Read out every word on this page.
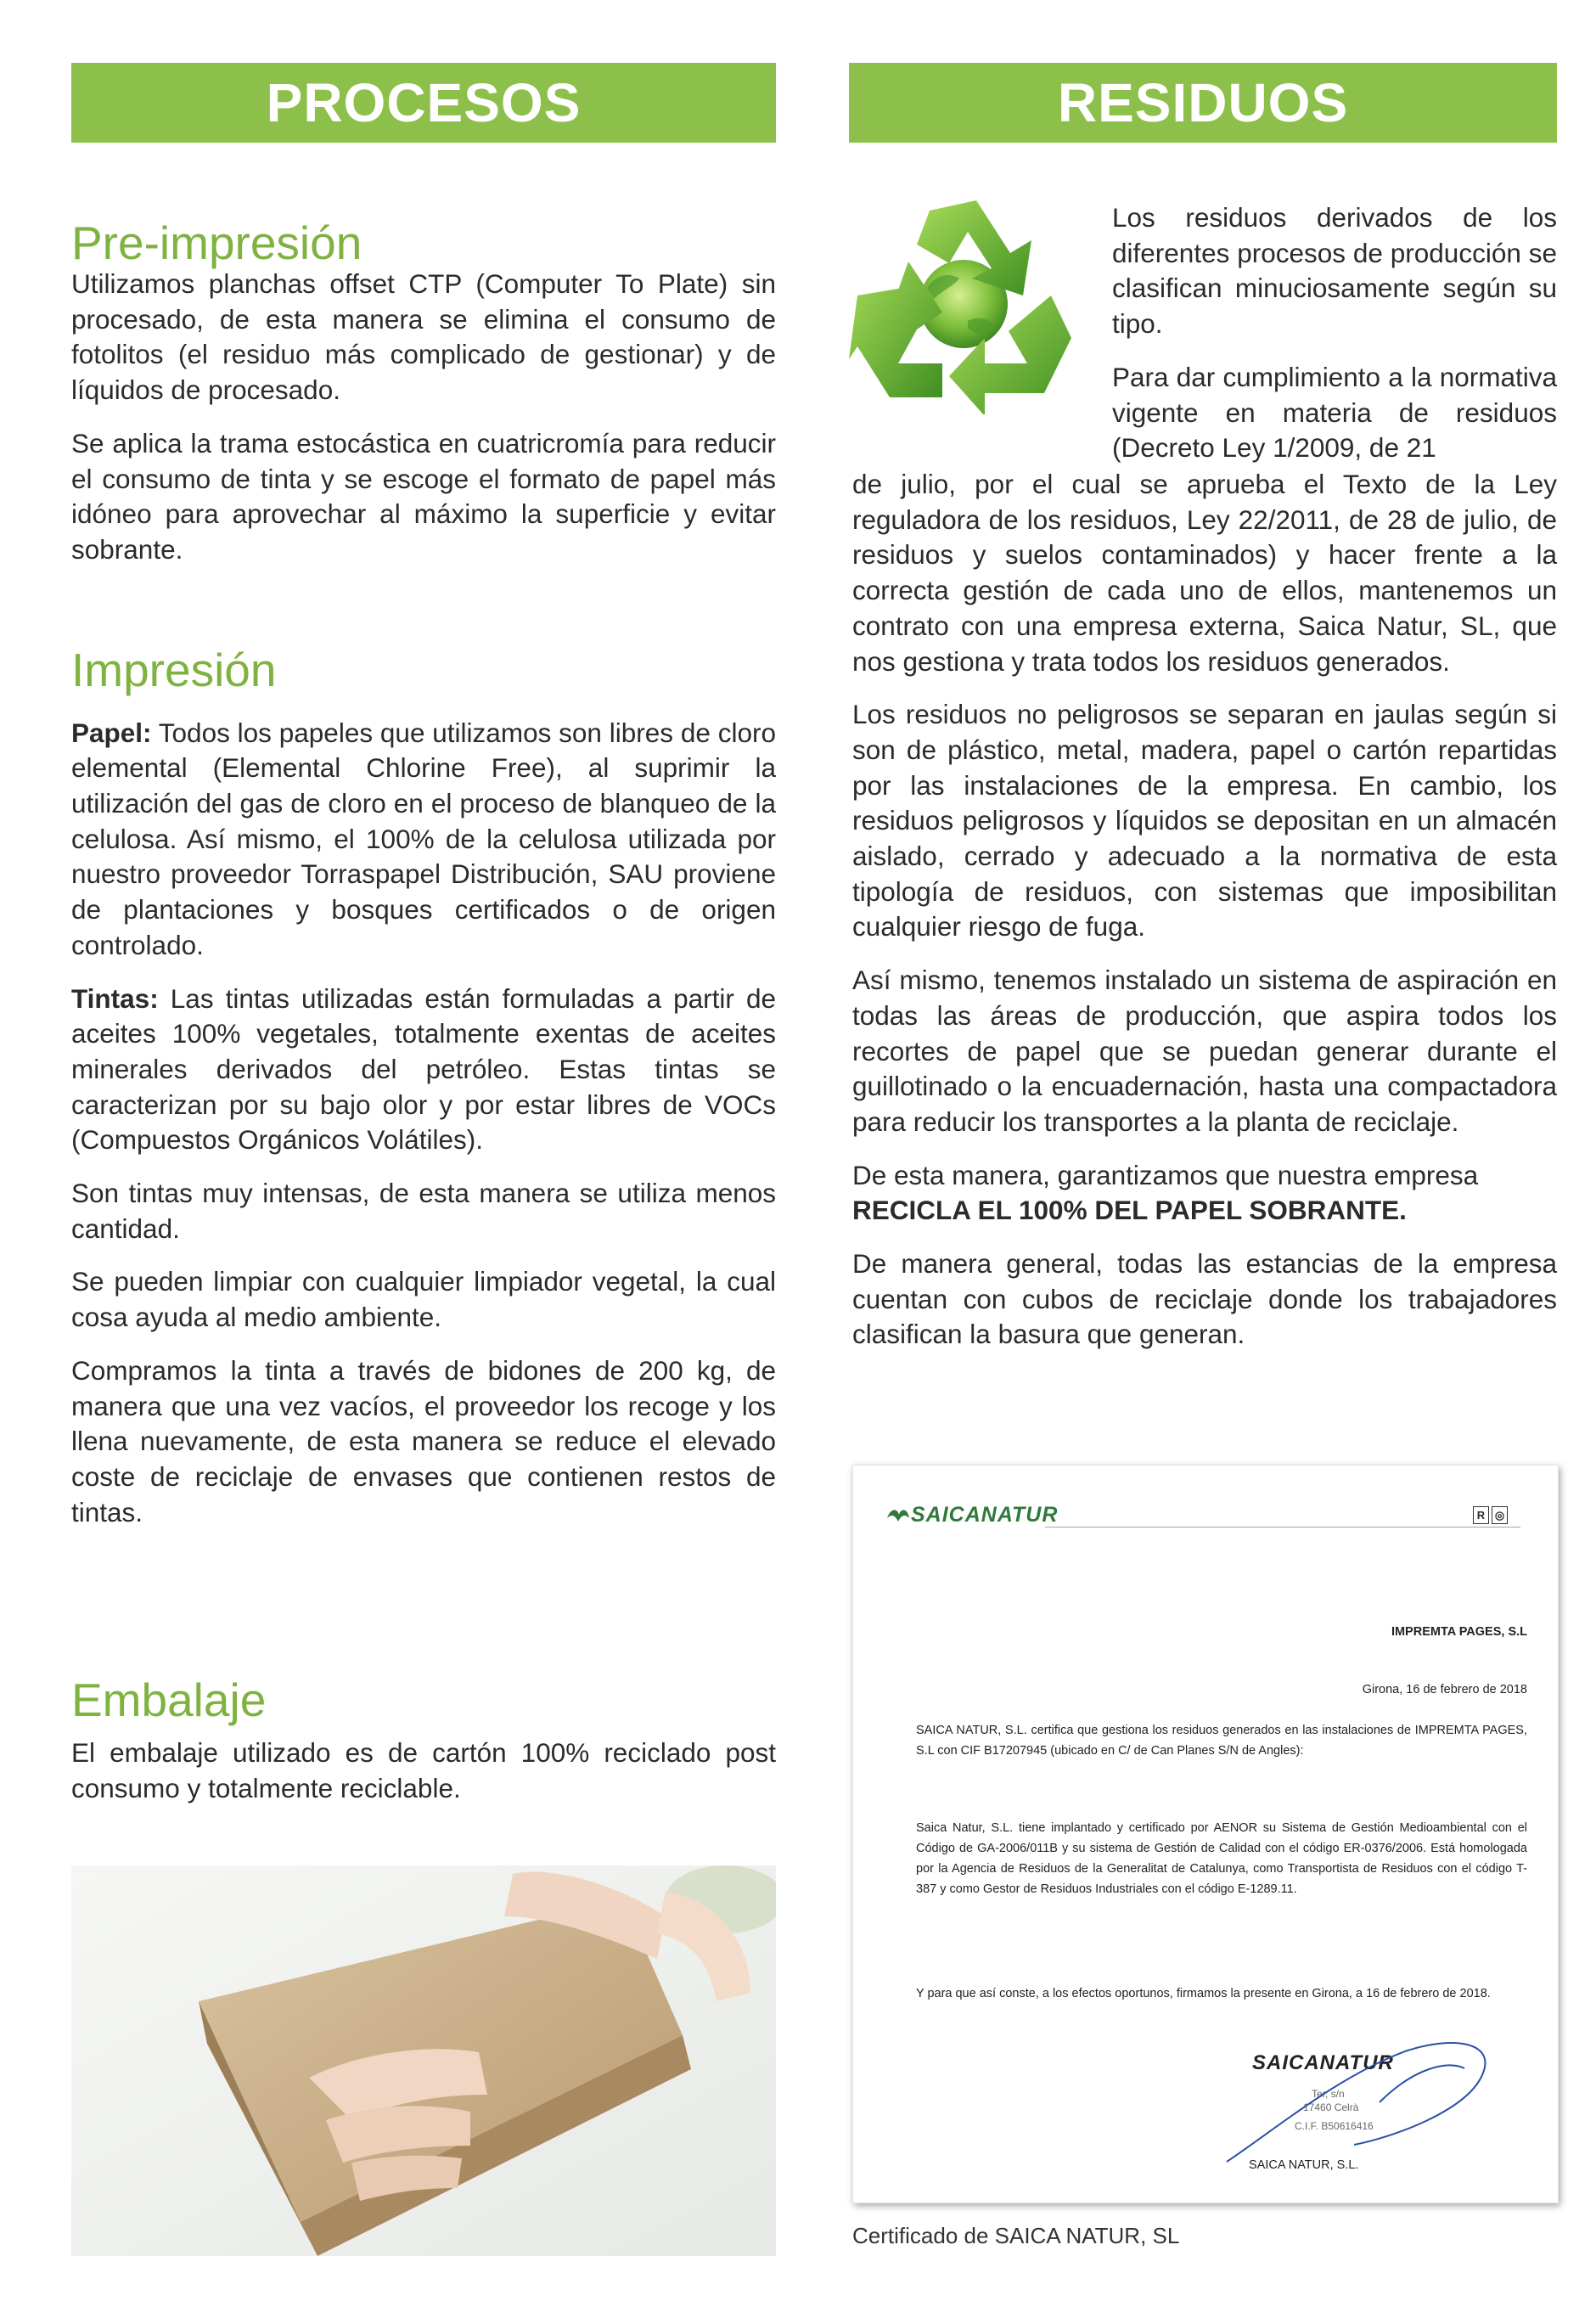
PROCESOS	RESIDUOS
Pre-impresión

Utilizamos planchas offset CTP (Computer To Plate) sin procesado, de esta manera se elimina el consumo de fotolitos (el residuo más complicado de gestionar) y de líquidos de procesado.

Se aplica la trama estocástica en cuatricromía para reducir el consumo de tinta y se escoge el formato de papel más idóneo para aprovechar al máximo la superficie y evitar sobrante.

Impresión

Papel: Todos los papeles que utilizamos son libres de cloro elemental (Elemental Chlorine Free), al suprimir la utilización del gas de cloro en el proceso de blanqueo de la celulosa. Así mismo, el 100% de la celulosa utilizada por nuestro proveedor Torraspapel Distribución, SAU proviene de plantaciones y bosques certificados o de origen controlado.

Tintas: Las tintas utilizadas están formuladas a partir de aceites 100% vegetales, totalmente exentas de aceites minerales derivados del petróleo. Estas tintas se caracterizan por su bajo olor y por estar libres de VOCs (Compuestos Orgánicos Volátiles).

Son tintas muy intensas, de esta manera se utiliza menos cantidad.

Se pueden limpiar con cualquier limpiador vegetal, la cual cosa ayuda al medio ambiente.

Compramos la tinta a través de bidones de 200 kg, de manera que una vez vacíos, el proveedor los recoge y los llena nuevamente, de esta manera se reduce el elevado coste de reciclaje de envases que contienen restos de tintas.

Embalaje

El embalaje utilizado es de cartón 100% reciclado post consumo y totalmente reciclable.

Los residuos derivados de los diferentes procesos de producción se clasifican minuciosamente según su tipo.

Para dar cumplimiento a la normativa vigente en materia de residuos (Decreto Ley 1/2009, de 21

de julio, por el cual se aprueba el Texto de la Ley reguladora de los residuos, Ley 22/2011, de 28 de julio, de residuos y suelos contaminados) y hacer frente a la correcta gestión de cada uno de ellos, mantenemos un contrato con una empresa externa, Saica Natur, SL, que nos gestiona y trata todos los residuos generados.

Los residuos no peligrosos se separan en jaulas según si son de plástico, metal, madera, papel o cartón repartidas por las instalaciones de la empresa. En cambio, los residuos peligrosos y líquidos se depositan en un almacén aislado, cerrado y adecuado a la normativa de esta tipología de residuos, con sistemas que imposibilitan cualquier riesgo de fuga.

Así mismo, tenemos instalado un sistema de aspiración en todas las áreas de producción, que aspira todos los recortes de papel que se puedan generar durante el guillotinado o la encuadernación, hasta una compactadora para reducir los transportes a la planta de reciclaje.

De esta manera, garantizamos que nuestra empresa
RECICLA EL 100% DEL PAPEL SOBRANTE.

De manera general, todas las estancias de la empresa cuentan con cubos de reciclaje donde los trabajadores clasifican la basura que generan.

SAICANATUR	R ◎
IMPREMTA PAGES, S.L
Girona, 16 de febrero de 2018
SAICA NATUR, S.L. certifica que gestiona los residuos generados en las instalaciones de IMPREMTA PAGES, S.L con CIF B17207945 (ubicado en C/ de Can Planes S/N de Angles):
Saica Natur, S.L. tiene implantado y certificado por AENOR su Sistema de Gestión Medioambiental con el Código de GA-2006/011B y su sistema de Gestión de Calidad con el código ER-0376/2006. Está homologada por la Agencia de Residuos de la Generalitat de Catalunya, como Transportista de Residuos con el código T-387 y como Gestor de Residuos Industriales con el código E-1289.11.
Y para que así conste, a los efectos oportunos, firmamos la presente en Girona, a 16 de febrero de 2018.
SAICANATUR
Ter, s/n
17460 Celrà
C.I.F. B50616416
SAICA NATUR, S.L.
Certificado de SAICA NATUR, SL
